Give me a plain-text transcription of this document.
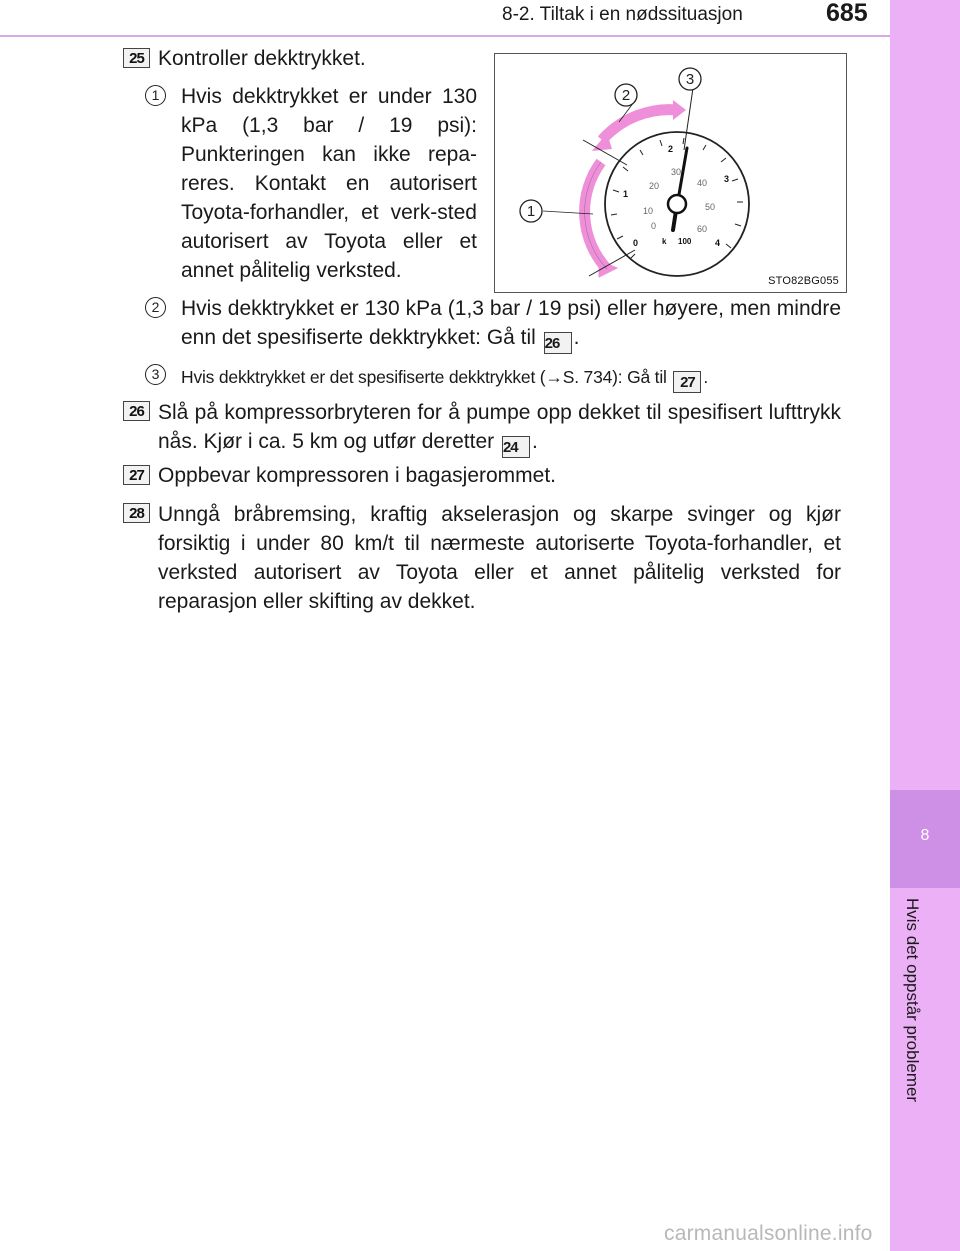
8-2. Tiltak i en nødssituasjon	685
8
Hvis det oppstår problemer
25 Kontroller dekktrykket.
1	Hvis dekktrykket er under 130 kPa (1,3 bar / 19 psi): Punkteringen kan ikke repa-reres. Kontakt en autorisert Toyota-forhandler, et verk-sted autorisert av Toyota eller et annet pålitelig verksted.
2	Hvis dekktrykket er 130 kPa (1,3 bar / 19 psi) eller høyere, men mindre enn det spesifiserte dekktrykket: Gå til 26 .
3	Hvis dekktrykket er det spesifiserte dekktrykket (→S. 734): Gå til 27 .
26 Slå på kompressorbryteren for å pumpe opp dekket til spesifisert lufttrykk nås. Kjør i ca. 5 km og utfør deretter 24 .
27 Oppbevar kompressoren i bagasjerommet.
28 Unngå bråbremsing, kraftig akselerasjon og skarpe svinger og kjør forsiktig i under 80 km/t til nærmeste autoriserte Toyota-forhandler, et verksted autorisert av Toyota eller et annet pålitelig verksted for reparasjon eller skifting av dekket.
0
1
2
3
4
0
10
20
30
40
50
60
k 100
1
2
3
STO82BG055
carmanualsonline.info
